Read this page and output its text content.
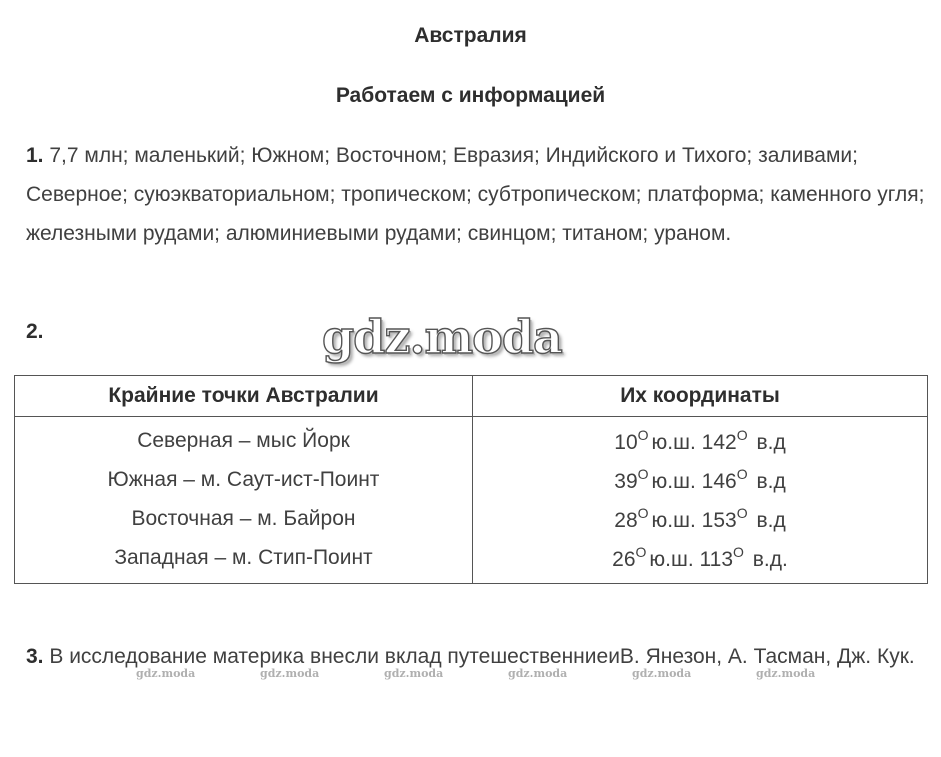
Австралия
Работаем с информацией
1. 7,7 млн; маленький; Южном; Восточном; Евразия; Индийского и Тихого; заливами; Северное; суюэкваториальном; тропическом; субтропическом; платформа; каменного угля; железными рудами; алюминиевыми рудами; свинцом; титаном; ураном.
2.	gdz.moda
Крайние точки Австралии	Их координаты
Северная – мыс Йорк	$10^O$ ю.ш. $142^O$ в.д
Южная – м. Саут-ист-Поинт	$39^O$ ю.ш. $146^O$ в.д
Восточная – м. Байрон	$28^O$ ю.ш. $153^O$ в.д
Западная – м. Стип-Поинт	$26^O$ ю.ш. $113^O$ в.д.
3. В исследование материка внесли вклад путешественниеиВ. Янезон, А. Тасман, Дж. Кук.
gdz.moda	gdz.moda	gdz.moda	gdz.moda	gdz.moda	gdz.moda
